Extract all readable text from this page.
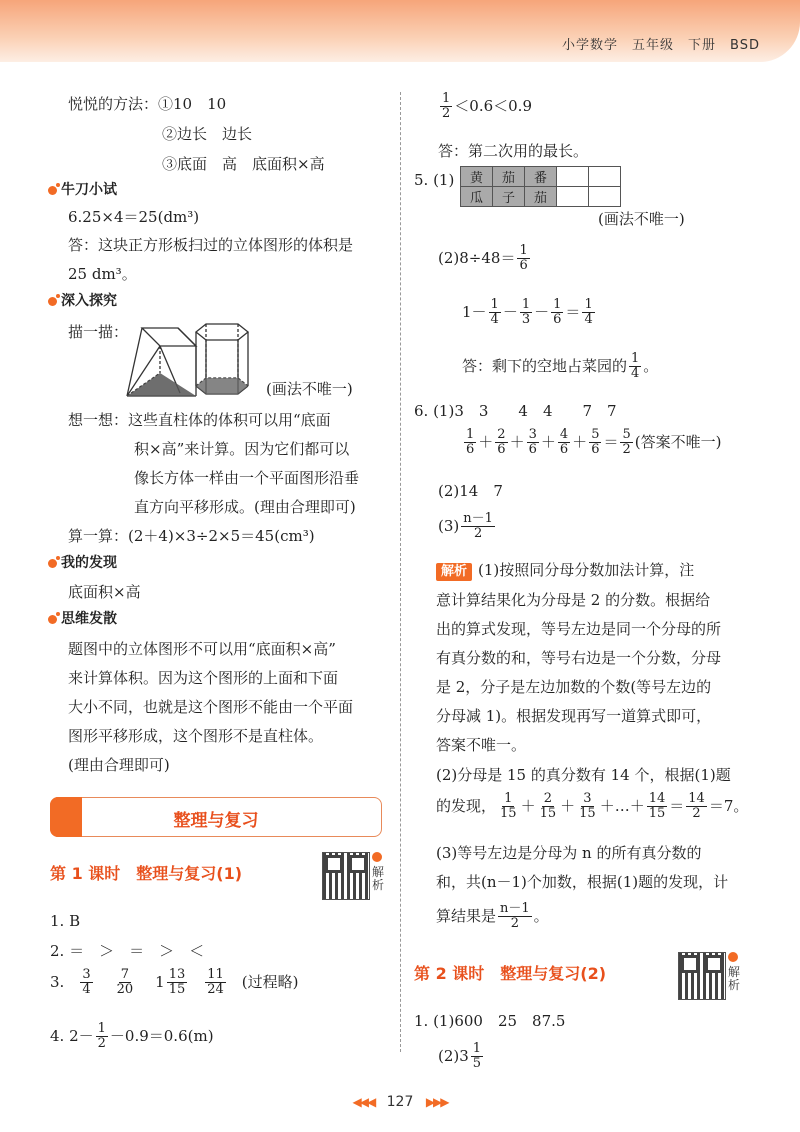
小学数学　五年级　下册　BSD
悦悦的方法：①10　10
②边长　边长
③底面　高　底面积×高
牛刀小试
6.25×4＝25(dm³)
答：这块正方形板扫过的立体图形的体积是
25 dm³。
深入探究
描一描：
(画法不唯一)
想一想：这些直柱体的体积可以用“底面
积×高”来计算。因为它们都可以
像长方体一样由一个平面图形沿垂
直方向平移形成。(理由合理即可)
算一算：(2＋4)×3÷2×5＝45(cm³)
我的发现
底面积×高
思维发散
题图中的立体图形不可以用“底面积×高”
来计算体积。因为这个图形的上面和下面
大小不同，也就是这个图形不能由一个平面
图形平移形成，这个图形不是直柱体。
(理由合理即可)
整理与复习
第 1 课时　整理与复习(1)	解析
1. B
2. ＝　＞　＝　＞　＜
3. $\frac{3}{4} \frac{7}{20} 1 \frac{13}{15} \frac{11}{24}$ (过程略)
4. $2- \frac{1}{2} -0.9=0.6(m)$
$\frac{1}{2} <0.6<0.9$
答：第二次用的最长。
5. (1) 黄	茄	番		
瓜	子	茄		
(画法不唯一)
$(2)8\div 48= \frac{1}{6}$
$1- \frac{1}{4} - \frac{1}{3} - \frac{1}{6} = \frac{1}{4}$
答：剩下的空地占菜园的 $\frac{1}{4}$ 。
6. (1)3　3　　4　4　　7　7
$\frac{1}{6} + \frac{2}{6} + \frac{3}{6} + \frac{4}{6} + \frac{5}{6} = \frac{5}{2}$ (答案不唯一)
(2)14　7
$(3) \frac{n-1}{2}$
解析 (1)按照同分母分数加法计算，注
意计算结果化为分母是 2 的分数。根据给
出的算式发现，等号左边是同一个分母的所
有真分数的和，等号右边是一个分数，分母
是 2，分子是左边加数的个数(等号左边的
分母减 1)。根据发现再写一道算式即可，
答案不唯一。
(2)分母是 15 的真分数有 14 个，根据(1)题
的发现， $\frac{1}{15} + \frac{2}{15} + \frac{3}{15}$ ＋…＋ $\frac{14}{15} = \frac{14}{2} =7$。
(3)等号左边是分母为 n 的所有真分数的
和，共(n－1)个加数，根据(1)题的发现，计
算结果是 $\frac{n-1}{2}$ 。
第 2 课时　整理与复习(2)	解析
1. (1)600　25　87.5
$(2)3 \frac{1}{5}$
◀◀◀ 127 ▶▶▶
